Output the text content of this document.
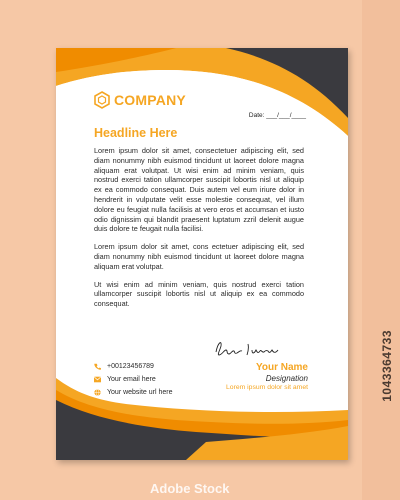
1043364733
COMPANY
Date: ___/___/____
Headline Here

Lorem ipsum dolor sit amet, consectetuer adipiscing elit, sed diam nonummy nibh euismod tincidunt ut laoreet dolore magna aliquam erat volutpat. Ut wisi enim ad minim veniam, quis nostrud exerci tation ullamcorper suscipit lobortis nisl ut aliquip ex ea commodo consequat. Duis autem vel eum iriure dolor in hendrerit in vulputate velit esse molestie consequat, vel illum dolore eu feugiat nulla facilisis at vero eros et accumsan et iusto odio dignissim qui blandit praesent luptatum zzril delenit augue duis dolore te feugait nulla facilisi.

Lorem ipsum dolor sit amet, cons ectetuer adipiscing elit, sed diam nonummy nibh euismod tincidunt ut laoreet dolore magna aliquam erat volutpat.

Ut wisi enim ad minim veniam, quis nostrud exerci tation ullamcorper suscipit lobortis nisl ut aliquip ex ea commodo consequat.

+00123456789
Your email here
Your website url here
Your Name
Designation
Lorem ipsum dolor sit amet
Adobe Stock
